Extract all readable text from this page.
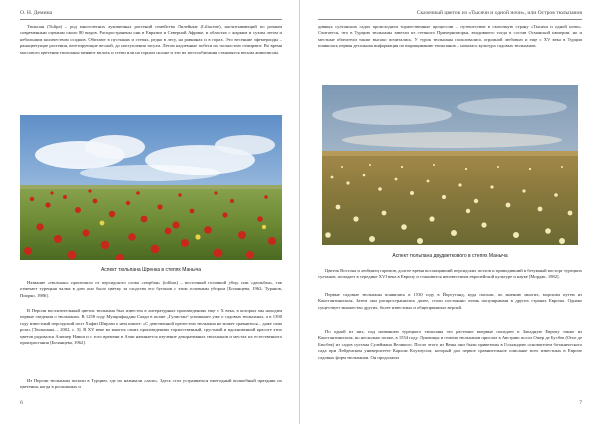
О. Н. Демина

Тюльпан (Tulipa) – род многолетних луковичных растений семейства Лилейные (Liliaceae), насчитывающий по разным современным оценкам около 80 видов. Распространены они в Евразии и Северной Африке, в областях с жарким и сухим летом и небольшим количеством осадков. Обитают в пустынях и степях, редко в лесу, на равнинах и в горах. Это весенние эфемероиды – раноцветущие растения, вегетирующие весной, до наступления засухи. Летом надземные побеги их полностью отмирают. Во время массового цветения тюльпаны меняют вплоть и степи или на горном склоне и эти их местообитания становятся весьма живописны.

Аспект тюльпана Шренка в степях Маныча

Название «тюльпан» произошло от персидского слова «тюрбан» (tolibas) – восточный головной убор, или «дюльбан», так отмечает турецкая чалма в длю оно было цветку за сходство его бутонов с этим головным убором [Бочанцева, 1962; Туранов, Пиорко, 1986].

В Персии восхитительный цветок тюльпана был известен в литературных произведениях еще с X века, в которых мы находим первые сведения о тюльпанах. В 1258 году Мушрифаддин Саади в поэме „Гулистан“ упоминает уже о садовых тюльпанах, а в 1390 году известный персидский поэт Хафиз Ширази о нем пишет: «С девственной прелестью тюльпана не может сравниться... даже сама роза» [Тюльпаны..., 2002, с. 3]. В XV веке во многих своих произведениях торжественный, грустный и вдохновенной красоте этих цветов радовался Алишер Навои и с того времени в Азии начинается изучение декоративных тюльпанов и местах их естественного произрастания [Бочанцева, 1962].

Из Персии тюльпаны попали в Турцию, где их называли «лале». Здесь стал устраиваться ежегодный волшебный праздник их цветения, когда в роскошных и

6
Сказочный цветок из «Тысячи и одной ночи», или Остров тюльпанов

дивных султанских садах происходили торжественные процессии – путешествие в сказочную страну «Тысячи и одной ночи». Считается, что в Турцию тюльпаны завезли из степного Причерноморья, входившего тогда в состав Османской империи, но и местные обитатели также высоко почитались. У турок тюльпаны пользовались огромной любовью и еще с XV века в Турции появилась первая детальная информация по выращиванию тюльпанов – началась культура садовых тюльпанов.

Аспект тюльпана двудветкового в степях Маныча

Цветок Востока и любимец гаремов, долгое время восхищавший персидских поэтов и приводивший в безумный восторг турецких султанов, попадает в середине XVI века в Европу и становится неизвестным европейской культуре и науке [Мордак, 1982].

Первые садовые тюльпаны появились в 1530 году в Йоргутанд, куда попали, по мнению многих, морским путем из Константинополя. Затем они распространились далее, стали постоянно очень популярными в других странах Европы. Однако существует множество других, более известных и общепринятых версий.

По одной из них, под названием турецкого тюльпана это растение впервые попадает в Западную Европу также из Константинополя, но несколько позже, в 1554 году. Луковицы и семена тюльпанов прислал в Австрию посол Ожер де Бусбек (Огье де Бюсбек) из садов султана Сулеймана Великого. После этого из Вены они были привезены в Голландию основателем ботанического сада при Лейденском университете Карлом Клузиусом, который дал первое сравнительное описание всех известных в Европе садовых форм тюльпанов. Он продолжил

7
